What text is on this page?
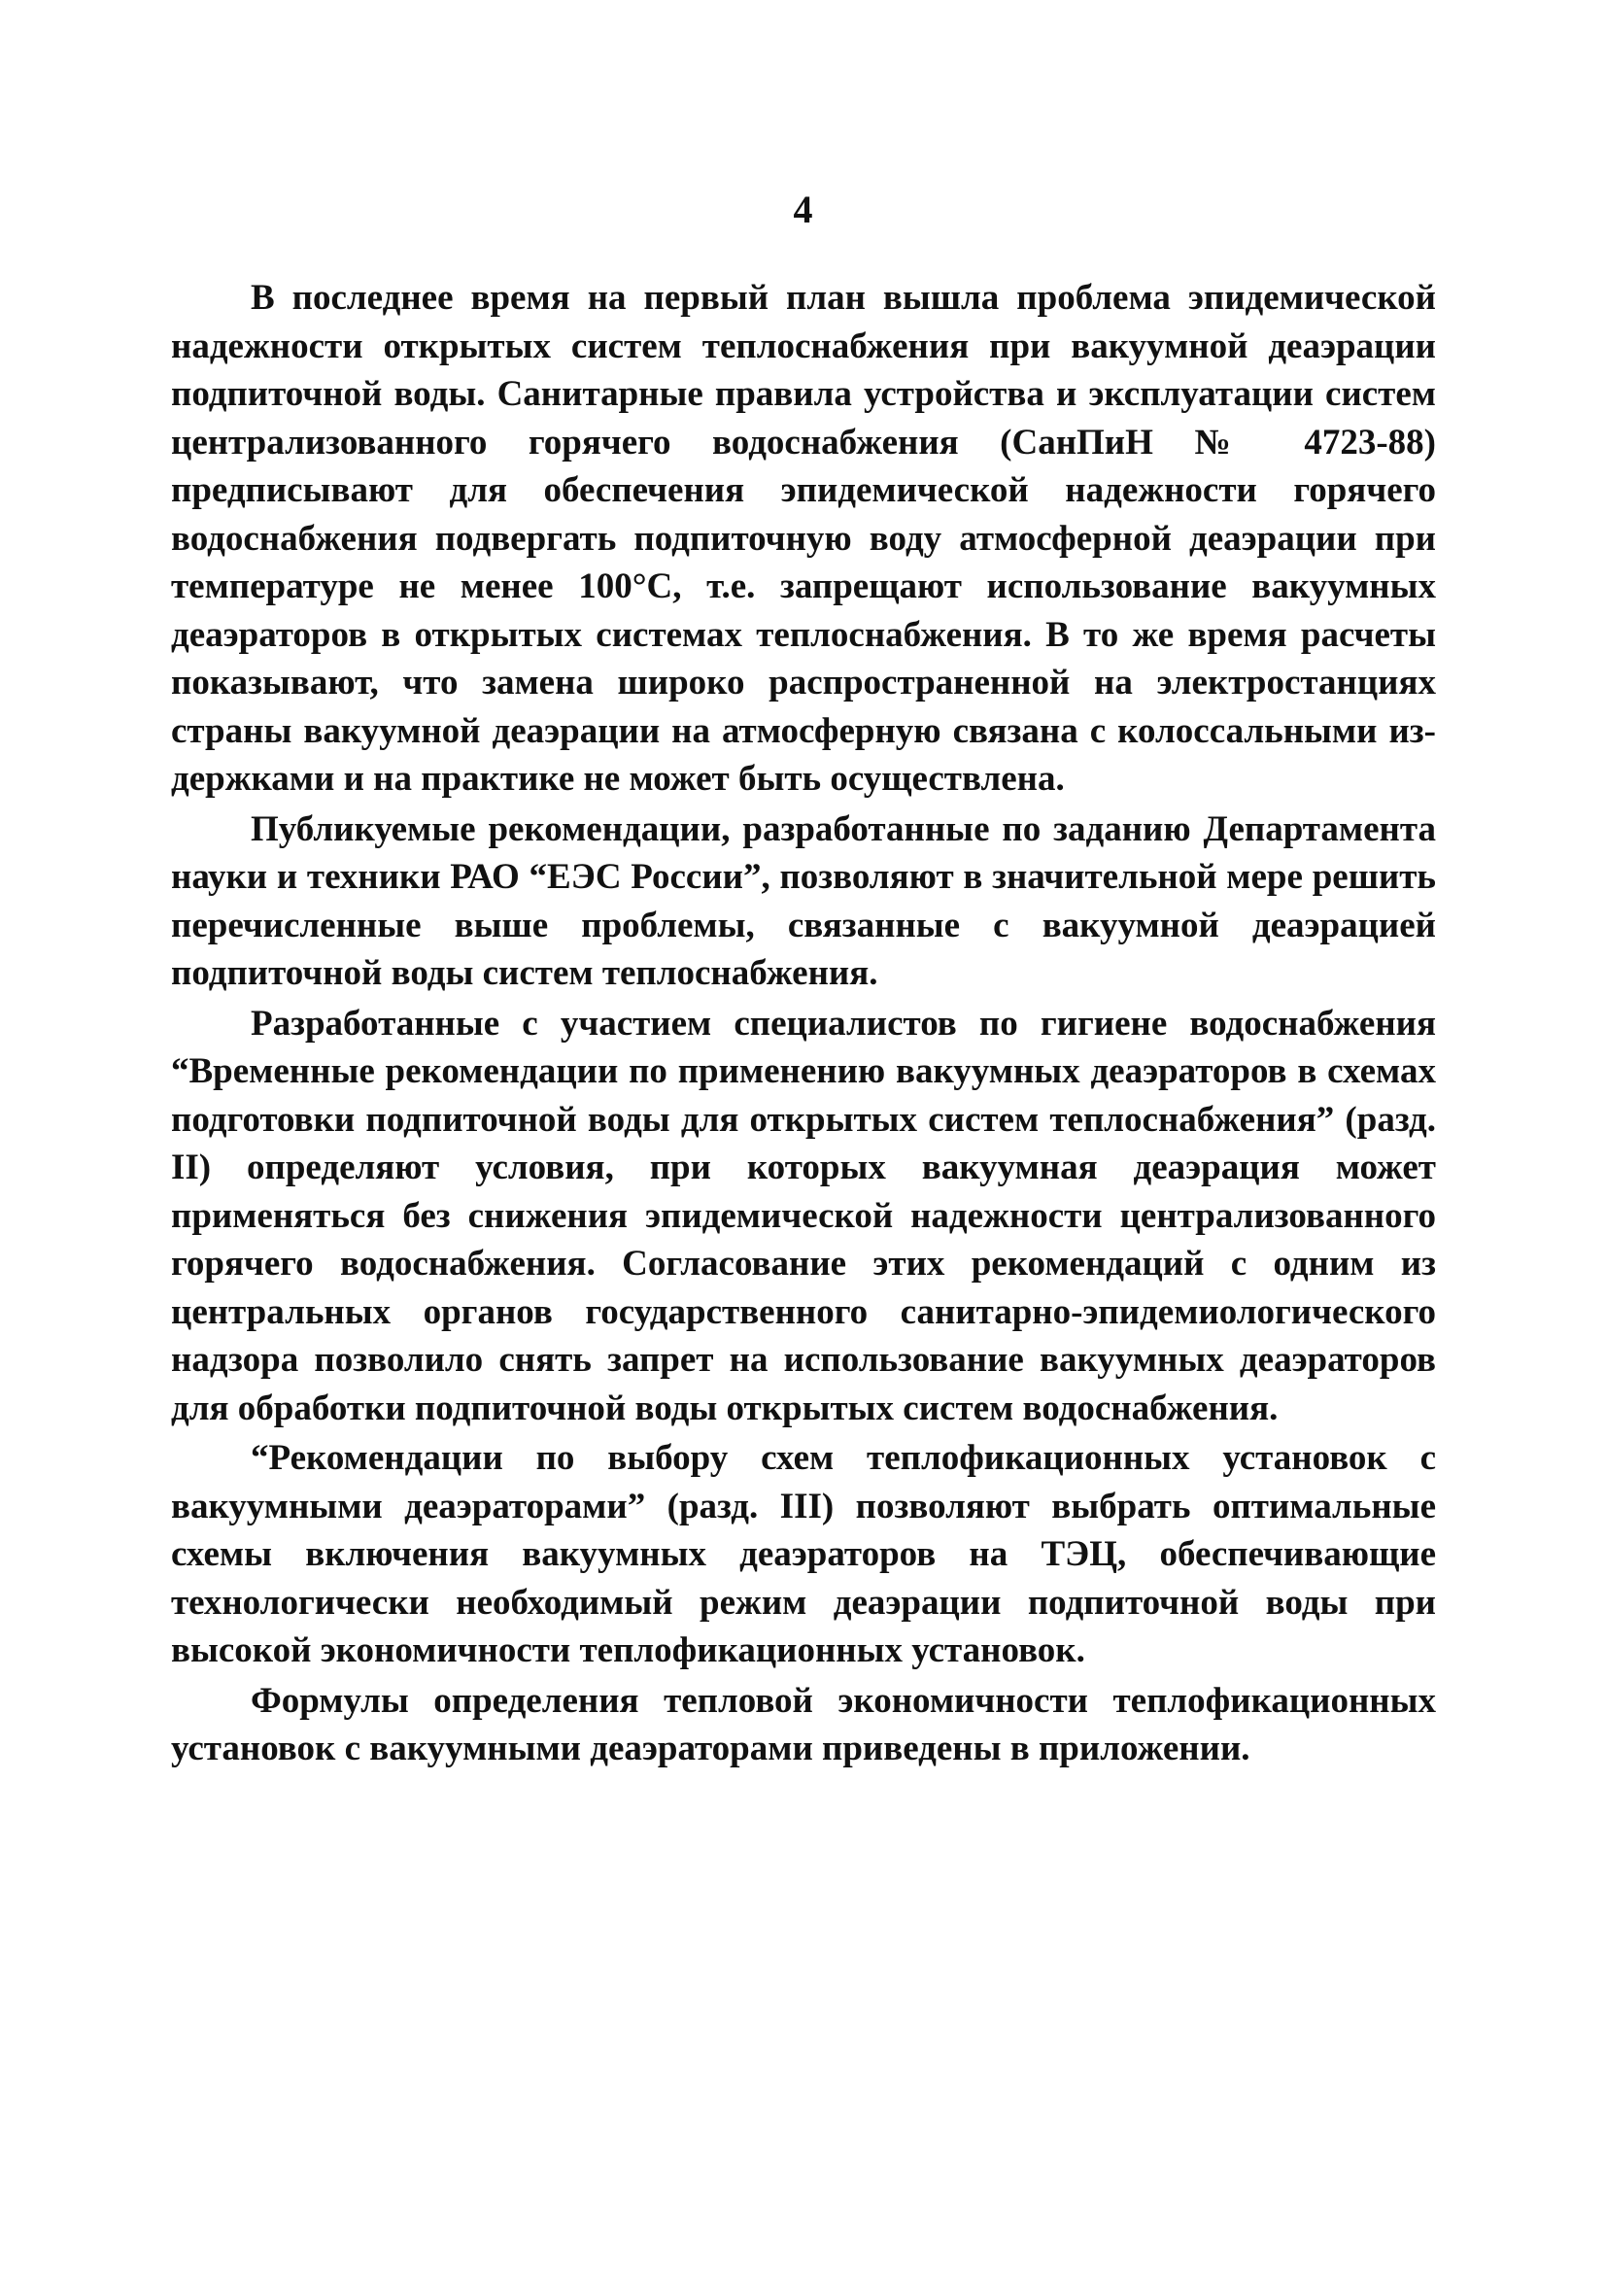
4

В последнее время на первый план вышла проблема эпидемической надежности открытых систем теплоснабжения при вакуумной деаэрации подпиточной воды. Санитарные правила устройства и эксплуатации систем централизованного горячего водоснабжения (СанПиН № 4723-88) предписывают для обеспечения эпидемической надежности горячего водоснабжения подвергать подпиточную воду атмосферной деаэрации при температуре не менее 100°С, т.е. запрещают использование вакуумных деаэраторов в открытых системах теплоснабжения. В то же время расчеты показывают, что замена широко распространенной на электростанциях страны вакуумной деаэрации на атмосферную связана с колоссальными издержками и на практике не может быть осуществлена.

Публикуемые рекомендации, разработанные по заданию Департамента науки и техники РАО “ЕЭС России”, позволяют в значительной мере решить перечисленные выше проблемы, связанные с вакуумной деаэрацией подпиточной воды систем теплоснабжения.

Разработанные с участием специалистов по гигиене водоснабжения “Временные рекомендации по применению вакуумных деаэраторов в схемах подготовки подпиточной воды для открытых систем теплоснабжения” (разд. II) определяют условия, при которых вакуумная деаэрация может применяться без снижения эпидемической надежности централизованного горячего водоснабжения. Согласование этих рекомендаций с одним из центральных органов государственного санитарно-эпидемиологического надзора позволило снять запрет на использование вакуумных деаэраторов для обработки подпиточной воды открытых систем водоснабжения.

“Рекомендации по выбору схем теплофикационных установок с вакуумными деаэраторами” (разд. III) позволяют выбрать оптимальные схемы включения вакуумных деаэраторов на ТЭЦ, обеспечивающие технологически необходимый режим деаэрации подпиточной воды при высокой экономичности теплофикационных установок.

Формулы определения тепловой экономичности теплофикационных установок с вакуумными деаэраторами приведены в приложении.
